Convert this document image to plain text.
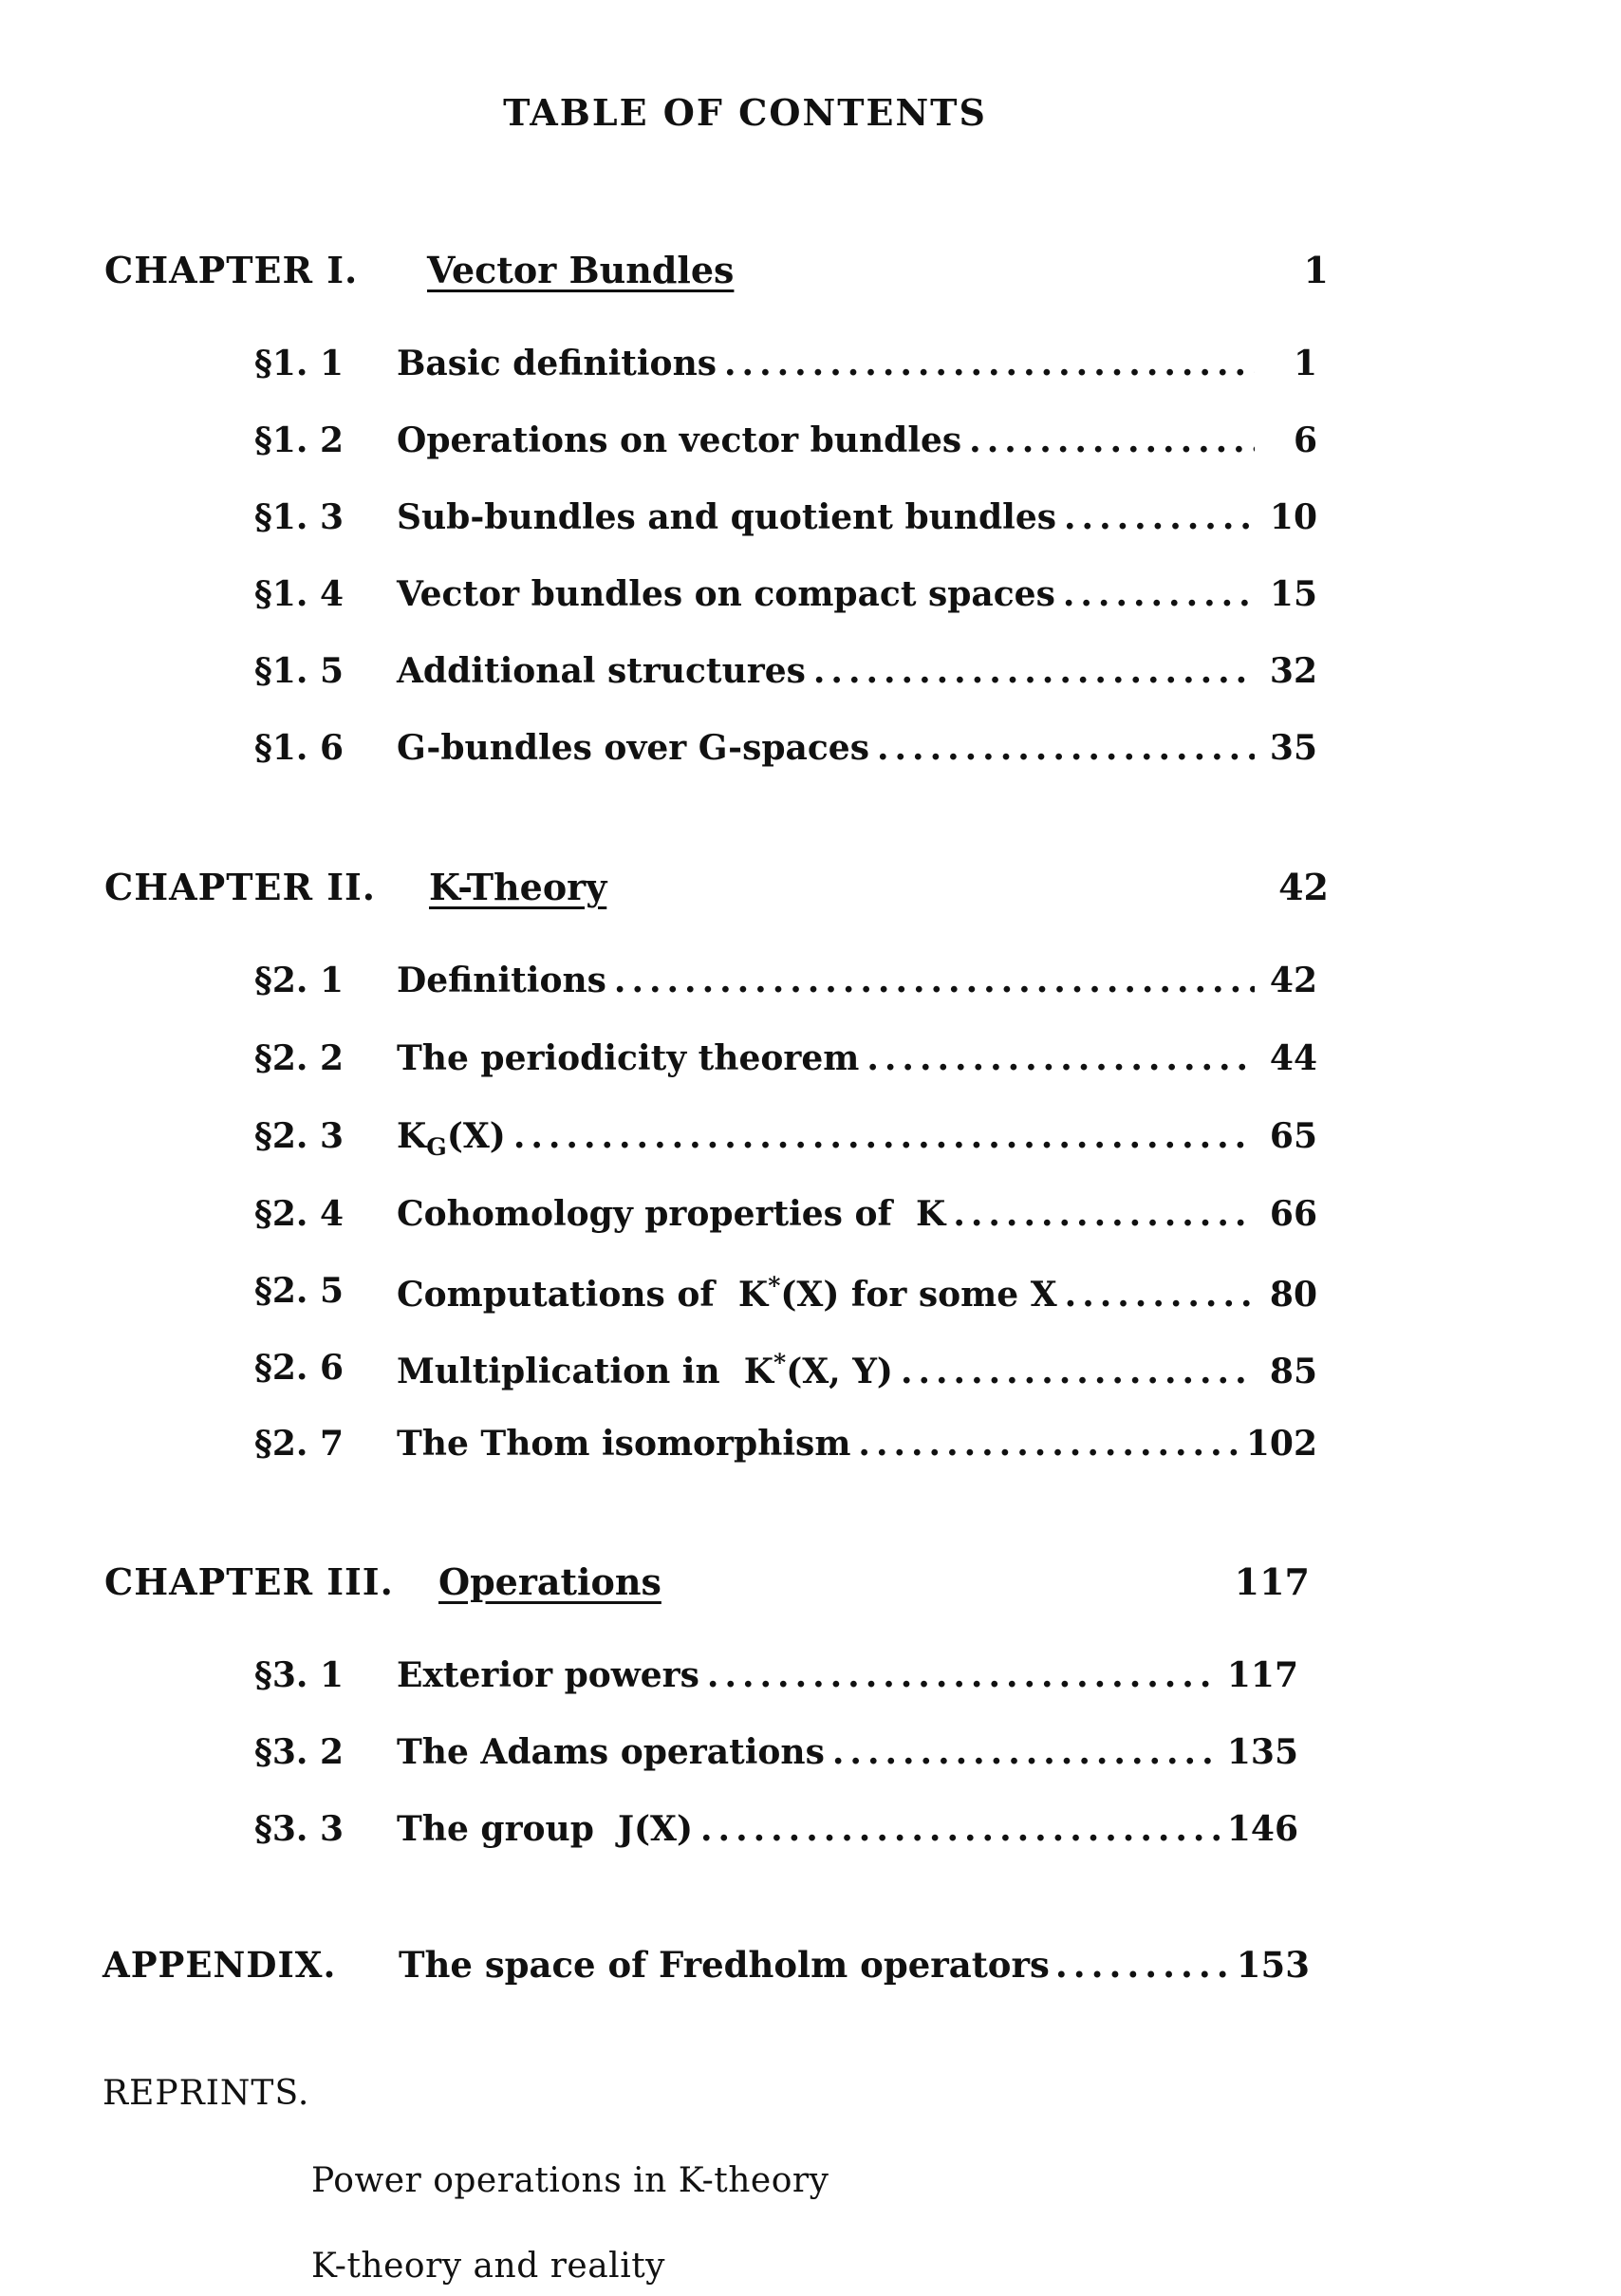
TABLE OF CONTENTS
CHAPTER I. Vector Bundles	1
§1. 1	Basic definitions .....	1
§1. 2	Operations on vector bundles .....	6
§1. 3	Sub-bundles and quotient bundles .....	10
§1. 4	Vector bundles on compact spaces .....	15
§1. 5	Additional structures .....	32
§1. 6	G-bundles over G-spaces .....	35
CHAPTER II. K-Theory	42
§2. 1	Definitions .....	42
§2. 2	The periodicity theorem .....	44
§2. 3	$K_G(X)$ .....	65
§2. 4	Cohomology properties of  K .....	66
§2. 5	Computations of  K*(X) for some X .....	80
§2. 6	Multiplication in  K*(X, Y) .....	85
§2. 7	The Thom isomorphism .....	102
CHAPTER III. Operations	117
§3. 1	Exterior powers .....	117
§3. 2	The Adams operations .....	135
§3. 3	The group  J(X) .....	146
APPENDIX. The space of Fredholm operators .....	153
REPRINTS.
Power operations in K-theory
K-theory and reality
